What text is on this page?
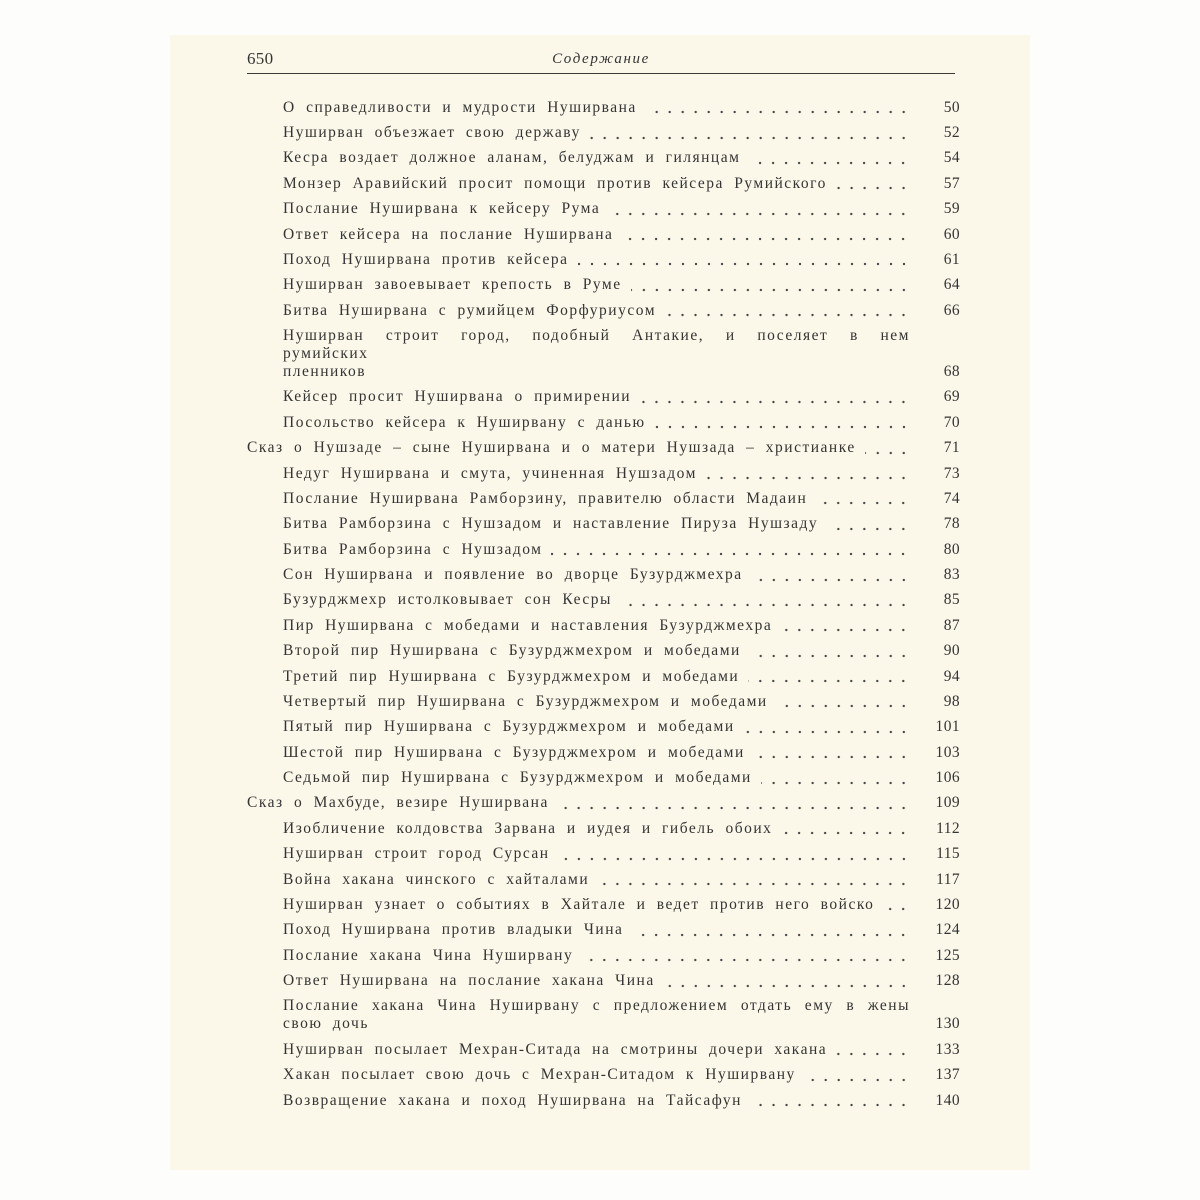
650	Содержание
О справедливости и мудрости Нуширвана	50
Нуширван объезжает свою державу	52
Кесра воздает должное аланам, белуджам и гилянцам	54
Монзер Аравийский просит помощи против кейсера Румийского	57
Послание Нуширвана к кейсеру Рума	59
Ответ кейсера на послание Нуширвана	60
Поход Нуширвана против кейсера	61
Нуширван завоевывает крепость в Руме	64
Битва Нуширвана с румийцем Форфуриусом	66
Нуширван строит город, подобный Антакие, и поселяет в нем румийских
пленников	68
Кейсер просит Нуширвана о примирении	69
Посольство кейсера к Нуширвану с данью	70
Сказ о Нушзаде – сыне Нуширвана и о матери Нушзада – христианке	71
Недуг Нуширвана и смута, учиненная Нушзадом	73
Послание Нуширвана Рамборзину, правителю области Мадаин	74
Битва Рамборзина с Нушзадом и наставление Пируза Нушзаду	78
Битва Рамборзина с Нушзадом	80
Сон Нуширвана и появление во дворце Бузурджмехра	83
Бузурджмехр истолковывает сон Кесры	85
Пир Нуширвана с мобедами и наставления Бузурджмехра	87
Второй пир Нуширвана с Бузурджмехром и мобедами	90
Третий пир Нуширвана с Бузурджмехром и мобедами	94
Четвертый пир Нуширвана с Бузурджмехром и мобедами	98
Пятый пир Нуширвана с Бузурджмехром и мобедами	101
Шестой пир Нуширвана с Бузурджмехром и мобедами	103
Седьмой пир Нуширвана с Бузурджмехром и мобедами	106
Сказ о Махбуде, везире Нуширвана	109
Изобличение колдовства Зарвана и иудея и гибель обоих	112
Нуширван строит город Сурсан	115
Война хакана чинского с хайталами	117
Нуширван узнает о событиях в Хайтале и ведет против него войско	120
Поход Нуширвана против владыки Чина	124
Послание хакана Чина Нуширвану	125
Ответ Нуширвана на послание хакана Чина	128
Послание хакана Чина Нуширвану с предложением отдать ему в жены
свою дочь	130
Нуширван посылает Мехран-Ситада на смотрины дочери хакана	133
Хакан посылает свою дочь с Мехран-Ситадом к Нуширвану	137
Возвращение хакана и поход Нуширвана на Тайсафун	140
